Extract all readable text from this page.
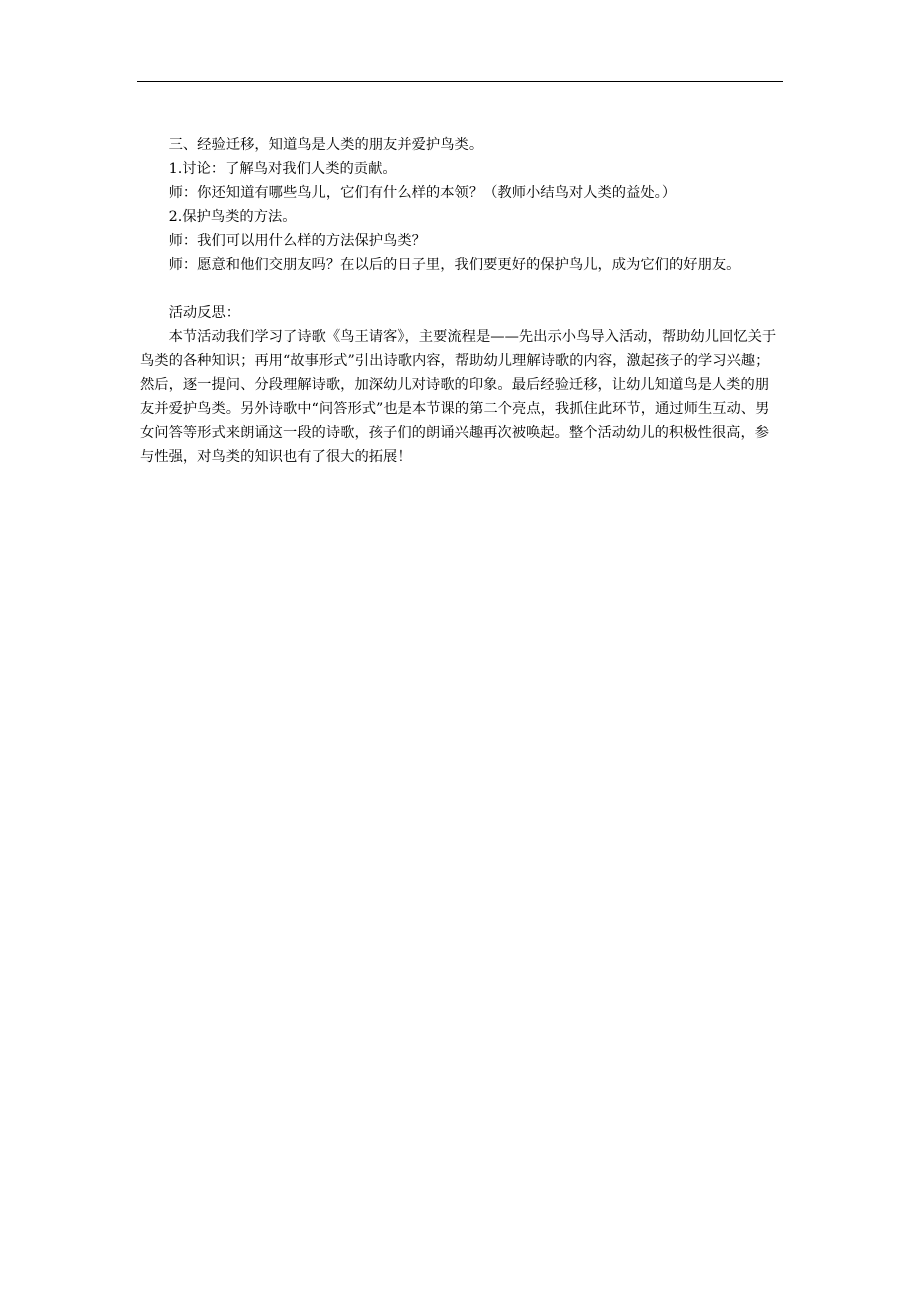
三、经验迁移，知道鸟是人类的朋友并爱护鸟类。

1.讨论：了解鸟对我们人类的贡献。

师：你还知道有哪些鸟儿，它们有什么样的本领？（教师小结鸟对人类的益处。）

2.保护鸟类的方法。

师：我们可以用什么样的方法保护鸟类？

师：愿意和他们交朋友吗？在以后的日子里，我们要更好的保护鸟儿，成为它们的好朋友。

活动反思：

本节活动我们学习了诗歌《鸟王请客》，主要流程是——先出示小鸟导入活动，帮助幼儿回忆关于鸟类的各种知识；再用“故事形式”引出诗歌内容，帮助幼儿理解诗歌的内容，激起孩子的学习兴趣；然后，逐一提问、分段理解诗歌，加深幼儿对诗歌的印象。最后经验迁移，让幼儿知道鸟是人类的朋友并爱护鸟类。另外诗歌中“问答形式”也是本节课的第二个亮点，我抓住此环节，通过师生互动、男女问答等形式来朗诵这一段的诗歌，孩子们的朗诵兴趣再次被唤起。整个活动幼儿的积极性很高，参与性强，对鸟类的知识也有了很大的拓展！
